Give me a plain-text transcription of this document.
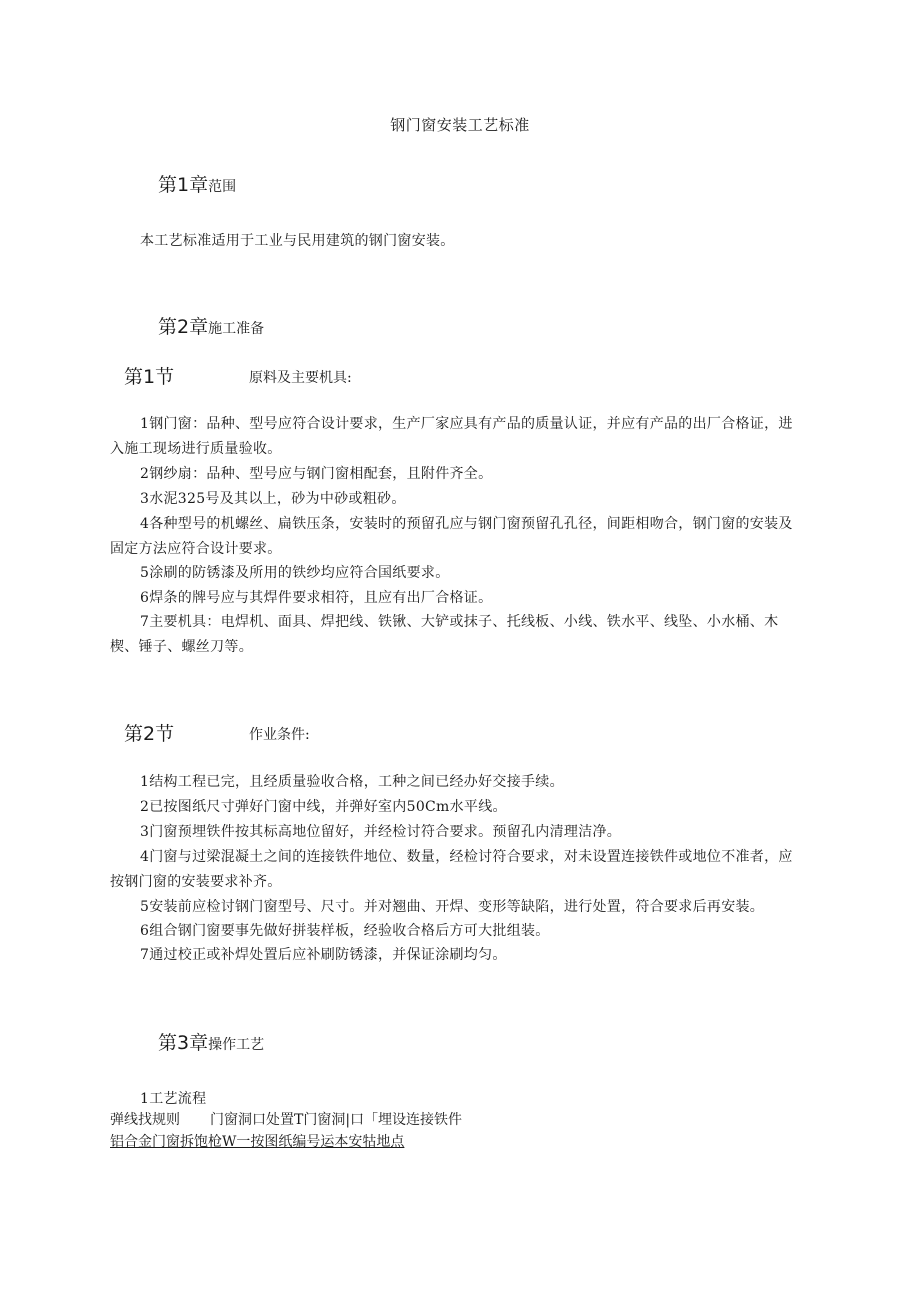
钢门窗安装工艺标准
第1章范围
本工艺标准适用于工业与民用建筑的钢门窗安装。
第2章施工准备
第1节	原料及主要机具:

1钢门窗：品种、型号应符合设计要求，生产厂家应具有产品的质量认证，并应有产品的出厂合格证，进入施工现场进行质量验收。

2钢纱扇：品种、型号应与钢门窗相配套，且附件齐全。

3水泥325号及其以上，砂为中砂或粗砂。

4各种型号的机螺丝、扁铁压条，安装时的预留孔应与钢门窗预留孔孔径，间距相吻合，钢门窗的安装及固定方法应符合设计要求。

5涂刷的防锈漆及所用的铁纱均应符合国纸要求。

6焊条的牌号应与其焊件要求相符，且应有出厂合格证。

7主要机具：电焊机、面具、焊把线、铁锹、大铲或抹子、托线板、小线、铁水平、线坠、小水桶、木楔、锤子、螺丝刀等。

第2节	作业条件:

1结构工程已完，且经质量验收合格，工种之间已经办好交接手续。

2已按图纸尺寸弹好门窗中线，并弹好室内50Cm水平线。

3门窗预埋铁件按其标高地位留好，并经检讨符合要求。预留孔内清理洁净。

4门窗与过梁混凝土之间的连接铁件地位、数量，经检讨符合要求，对未设置连接铁件或地位不准者，应按钢门窗的安装要求补齐。

5安装前应检讨钢门窗型号、尺寸。并对翘曲、开焊、变形等缺陷，进行处置，符合要求后再安装。

6组合钢门窗要事先做好拼装样板，经验收合格后方可大批组装。

7通过校正或补焊处置后应补刷防锈漆，并保证涂刷均匀。

第3章操作工艺
1工艺流程
弹线找规则 门窗洞口处置T门窗洞|口「埋设连接铁件
铝合金门窗拆饱枪W一按图纸编号运本安牯地点
